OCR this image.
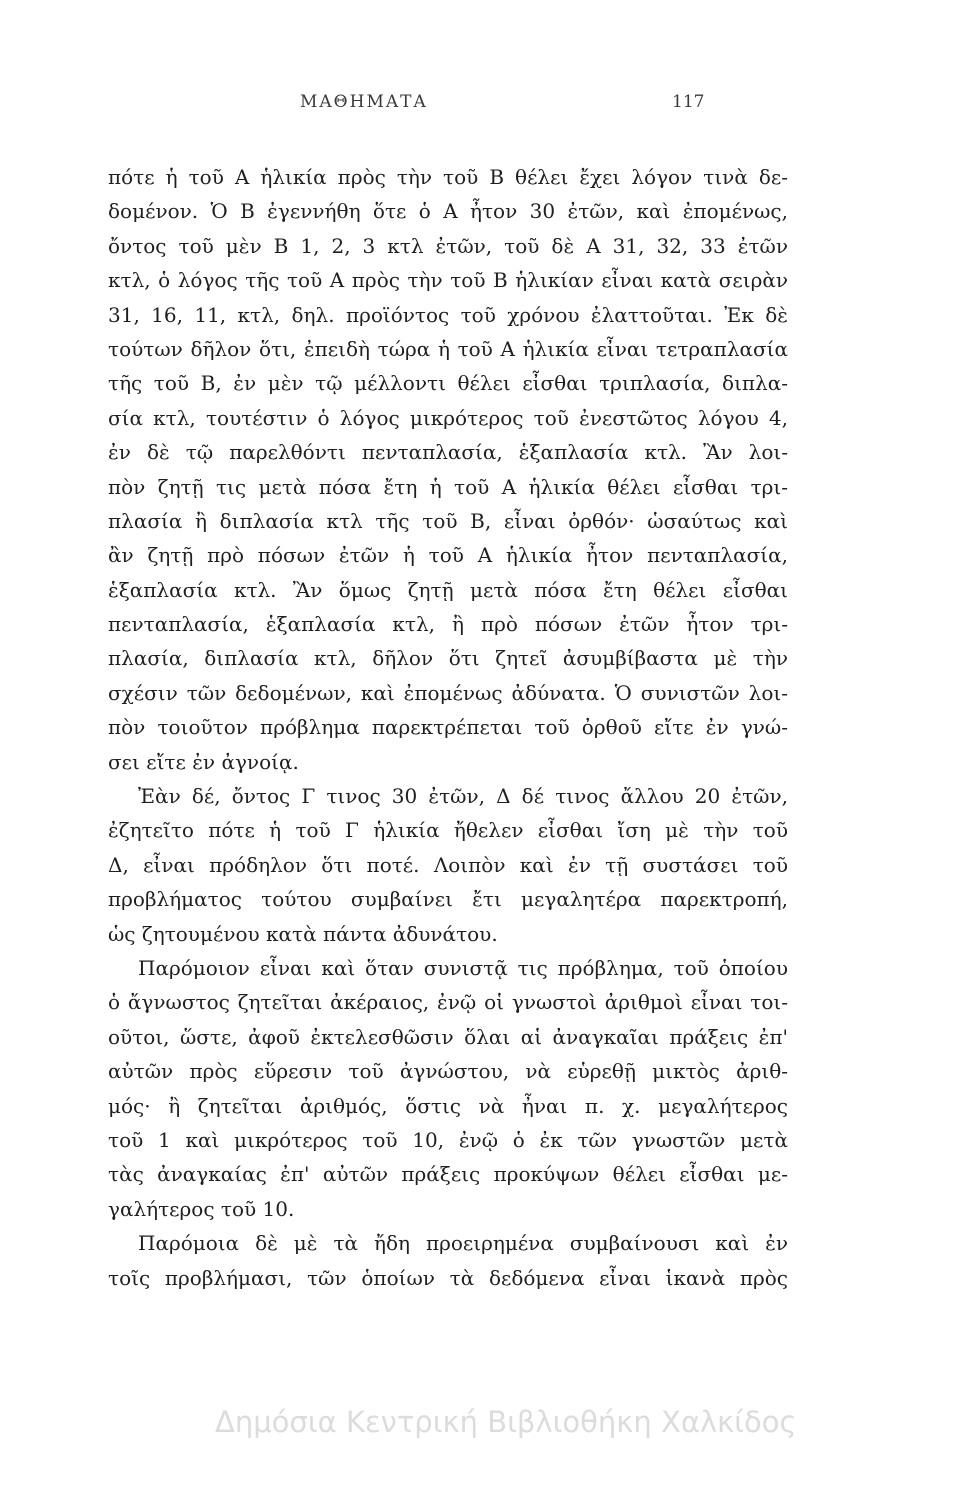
ΜΑΘΗΜΑΤΑ	117
πότε ἡ τοῦ Α ἡλικία πρὸς τὴν τοῦ Β θέλει ἔχει λόγον τινὰ δε-
δομένον. Ὁ Β ἐγεννήθη ὅτε ὁ Α ἦτον 30 ἐτῶν, καὶ ἐπομένως,
ὄντος τοῦ μὲν Β 1, 2, 3 κτλ ἐτῶν, τοῦ δὲ Α 31, 32, 33 ἐτῶν
κτλ, ὁ λόγος τῆς τοῦ Α πρὸς τὴν τοῦ Β ἡλικίαν εἶναι κατὰ σειρὰν
31, 16, 11, κτλ, δηλ. προϊόντος τοῦ χρόνου ἐλαττοῦται. Ἐκ δὲ
τούτων δῆλον ὅτι, ἐπειδὴ τώρα ἡ τοῦ Α ἡλικία εἶναι τετραπλασία
τῆς τοῦ Β, ἐν μὲν τῷ μέλλοντι θέλει εἶσθαι τριπλασία, διπλα-
σία κτλ, τουτέστιν ὁ λόγος μικρότερος τοῦ ἐνεστῶτος λόγου 4,
ἐν δὲ τῷ παρελθόντι πενταπλασία, ἑξαπλασία κτλ. Ἂν λοι-
πὸν ζητῇ τις μετὰ πόσα ἔτη ἡ τοῦ Α ἡλικία θέλει εἶσθαι τρι-
πλασία ἢ διπλασία κτλ τῆς τοῦ Β, εἶναι ὀρθόν· ὡσαύτως καὶ
ἂν ζητῇ πρὸ πόσων ἐτῶν ἡ τοῦ Α ἡλικία ἦτον πενταπλασία,
ἑξαπλασία κτλ. Ἂν ὅμως ζητῇ μετὰ πόσα ἔτη θέλει εἶσθαι
πενταπλασία, ἑξαπλασία κτλ, ἢ πρὸ πόσων ἐτῶν ἦτον τρι-
πλασία, διπλασία κτλ, δῆλον ὅτι ζητεῖ ἀσυμβίβαστα μὲ τὴν
σχέσιν τῶν δεδομένων, καὶ ἐπομένως ἀδύνατα. Ὁ συνιστῶν λοι-
πὸν τοιοῦτον πρόβλημα παρεκτρέπεται τοῦ ὀρθοῦ εἴτε ἐν γνώ-
σει εἴτε ἐν ἀγνοίᾳ.
Ἐὰν δέ, ὄντος Γ τινος 30 ἐτῶν, Δ δέ τινος ἄλλου 20 ἐτῶν,
ἐζητεῖτο πότε ἡ τοῦ Γ ἡλικία ἤθελεν εἶσθαι ἴση μὲ τὴν τοῦ
Δ, εἶναι πρόδηλον ὅτι ποτέ. Λοιπὸν καὶ ἐν τῇ συστάσει τοῦ
προβλήματος τούτου συμβαίνει ἔτι μεγαλητέρα παρεκτροπή,
ὡς ζητουμένου κατὰ πάντα ἀδυνάτου.
Παρόμοιον εἶναι καὶ ὅταν συνιστᾷ τις πρόβλημα, τοῦ ὁποίου
ὁ ἄγνωστος ζητεῖται ἀκέραιος, ἐνῷ οἱ γνωστοὶ ἀριθμοὶ εἶναι τοι-
οῦτοι, ὥστε, ἀφοῦ ἐκτελεσθῶσιν ὅλαι αἱ ἀναγκαῖαι πράξεις ἐπ'
αὐτῶν πρὸς εὕρεσιν τοῦ ἀγνώστου, νὰ εὑρεθῇ μικτὸς ἀριθ-
μός· ἢ ζητεῖται ἀριθμός, ὅστις νὰ ἦναι π. χ. μεγαλήτερος
τοῦ 1 καὶ μικρότερος τοῦ 10, ἐνῷ ὁ ἐκ τῶν γνωστῶν μετὰ
τὰς ἀναγκαίας ἐπ' αὐτῶν πράξεις προκύψων θέλει εἶσθαι με-
γαλήτερος τοῦ 10.
Παρόμοια δὲ μὲ τὰ ἤδη προειρημένα συμβαίνουσι καὶ ἐν
τοῖς προβλήμασι, τῶν ὁποίων τὰ δεδόμενα εἶναι ἱκανὰ πρὸς
Δημόσια Κεντρική Βιβλιοθήκη Χαλκίδος
